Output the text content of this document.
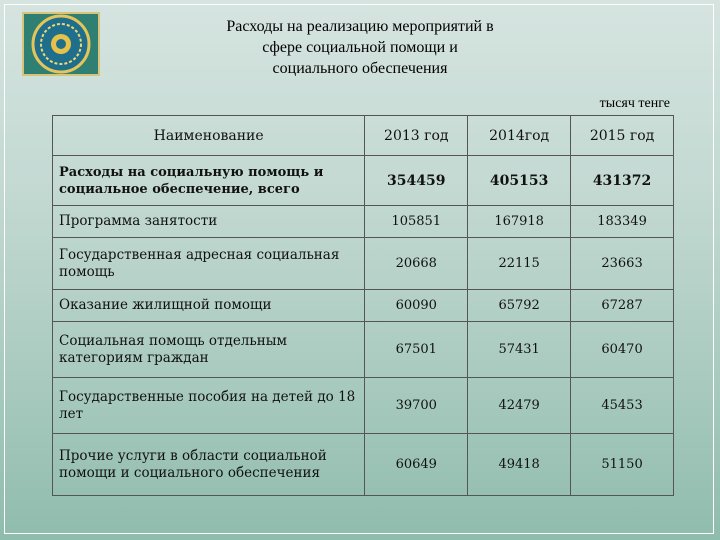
Расходы на реализацию мероприятий в
сфере социальной помощи и
социального обеспечения
тысяч тенге
Наименование	2013 год	2014год	2015 год
Расходы на социальную помощь и социальное обеспечение, всего	354459	405153	431372
Программа занятости	105851	167918	183349
Государственная адресная социальная помощь	20668	22115	23663
Оказание жилищной помощи	60090	65792	67287
Социальная помощь отдельным категориям граждан	67501	57431	60470
Государственные пособия на детей до 18 лет	39700	42479	45453
Прочие услуги в области социальной помощи и социального обеспечения	60649	49418	51150
